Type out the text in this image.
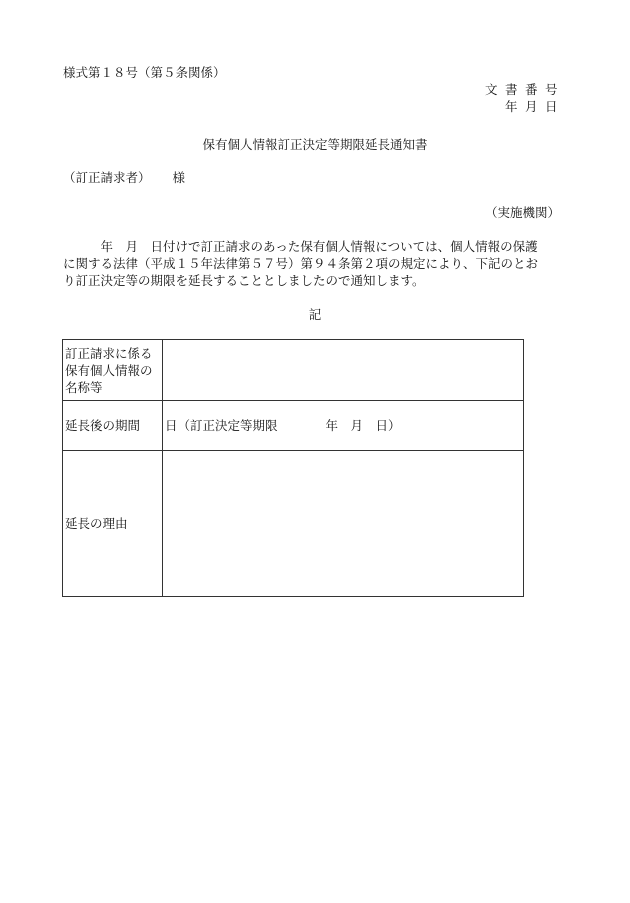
様式第１８号（第５条関係）
文書番号
年月日
保有個人情報訂正決定等期限延長通知書
（訂正請求者） 様
（実施機関）
　　　年　月　日付けで訂正請求のあった保有個人情報については、個人情報の保護
に関する法律（平成１５年法律第５７号）第９４条第２項の規定により、下記のとお
り訂正決定等の期限を延長することとしましたので通知します。
記
訂正請求に係る
保有個人情報の
名称等	

延長後の期間	日（訂正決定等期限 年　月　日）
延長の理由	
